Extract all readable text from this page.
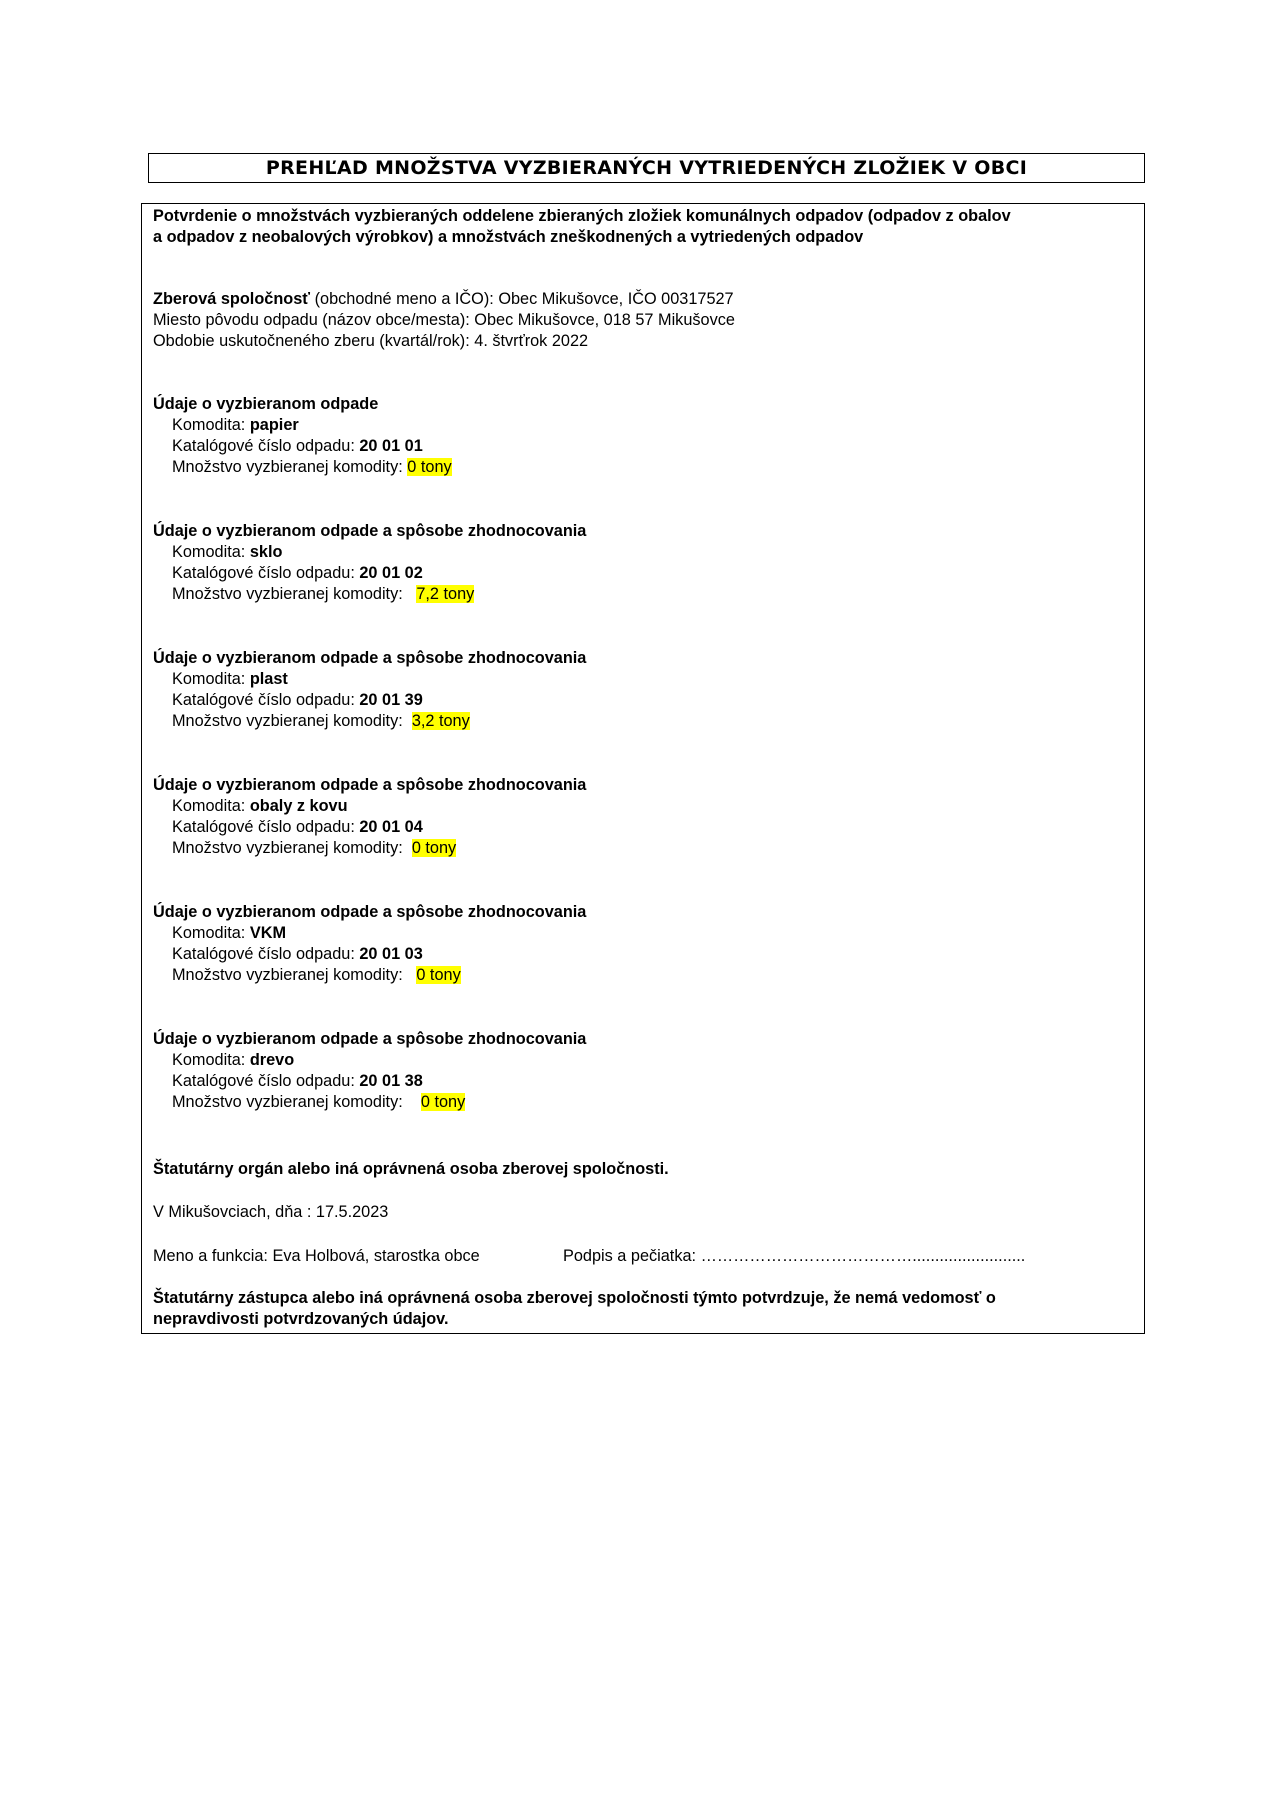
PREHĽAD MNOŽSTVA VYZBIERANÝCH VYTRIEDENÝCH ZLOŽIEK V OBCI
Potvrdenie o množstvách vyzbieraných oddelene zbieraných zložiek komunálnych odpadov (odpadov z obalov
a odpadov z neobalových výrobkov) a množstvách zneškodnených a vytriedených odpadov
Zberová spoločnosť (obchodné meno a IČO): Obec Mikušovce, IČO 00317527
Miesto pôvodu odpadu (názov obce/mesta): Obec Mikušovce, 018 57 Mikušovce
Obdobie uskutočneného zberu (kvartál/rok): 4. štvrťrok 2022
Údaje o vyzbieranom odpade
Komodita: papier
Katalógové číslo odpadu: 20 01 01
Množstvo vyzbieranej komodity: 0 tony
Údaje o vyzbieranom odpade a spôsobe zhodnocovania
Komodita: sklo
Katalógové číslo odpadu: 20 01 02
Množstvo vyzbieranej komodity:   7,2 tony
Údaje o vyzbieranom odpade a spôsobe zhodnocovania
Komodita: plast
Katalógové číslo odpadu: 20 01 39
Množstvo vyzbieranej komodity:  3,2 tony
Údaje o vyzbieranom odpade a spôsobe zhodnocovania
Komodita: obaly z kovu
Katalógové číslo odpadu: 20 01 04
Množstvo vyzbieranej komodity:  0 tony
Údaje o vyzbieranom odpade a spôsobe zhodnocovania
Komodita: VKM
Katalógové číslo odpadu: 20 01 03
Množstvo vyzbieranej komodity:   0 tony
Údaje o vyzbieranom odpade a spôsobe zhodnocovania
Komodita: drevo
Katalógové číslo odpadu: 20 01 38
Množstvo vyzbieranej komodity:    0 tony
Štatutárny orgán alebo iná oprávnená osoba zberovej spoločnosti.
V Mikušovciach, dňa : 17.5.2023
Meno a funkcia: Eva Holbová, starostka obce	Podpis a pečiatka: ………………………………….........................
Štatutárny zástupca alebo iná oprávnená osoba zberovej spoločnosti týmto potvrdzuje, že nemá vedomosť o
nepravdivosti potvrdzovaných údajov.
